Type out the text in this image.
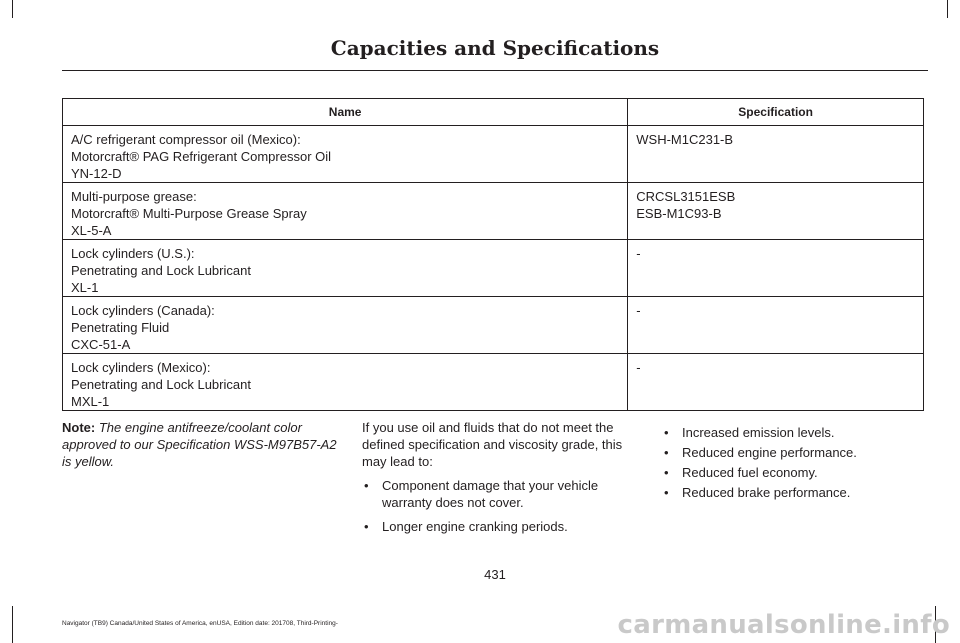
Capacities and Specifications
Name	Specification

A/C refrigerant compressor oil (Mexico):
Motorcraft® PAG Refrigerant Compressor Oil
YN-12-D	WSH-M1C231-B

Multi-purpose grease:
Motorcraft® Multi-Purpose Grease Spray
XL-5-A	CRCSL3151ESB
ESB-M1C93-B

Lock cylinders (U.S.):
Penetrating and Lock Lubricant
XL-1	-

Lock cylinders (Canada):
Penetrating Fluid
CXC-51-A	-

Lock cylinders (Mexico):
Penetrating and Lock Lubricant
MXL-1	-
Note: The engine antifreeze/coolant color approved to our Specification WSS-M97B57-A2 is yellow.

If you use oil and fluids that do not meet the defined specification and viscosity grade, this may lead to:

• Component damage that your vehicle warranty does not cover.
• Longer engine cranking periods.
• Increased emission levels.
• Reduced engine performance.
• Reduced fuel economy.
• Reduced brake performance.
431
Navigator (TB9) Canada/United States of America, enUSA, Edition date: 201708, Third-Printing-	carmanualsonline.info
